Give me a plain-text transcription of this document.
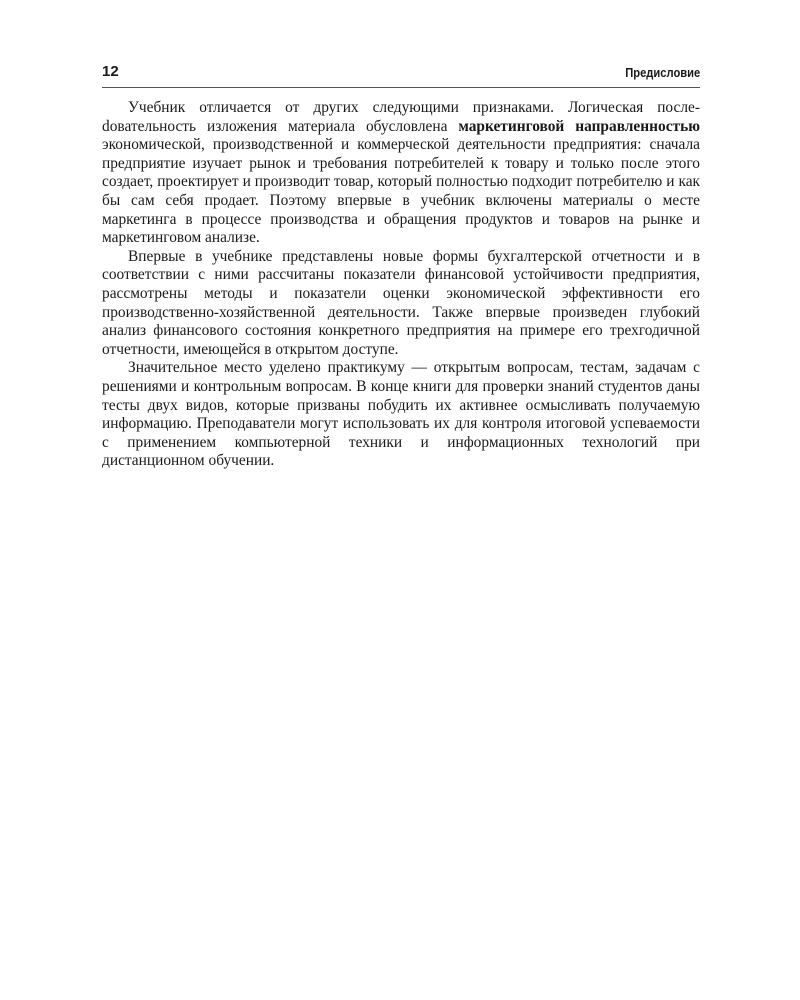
12	Предисловие

Учебник отличается от других следующими признаками. Логическая послеdовательность изложения материала обусловлена маркетинговой направленностью экономической, производственной и коммерческой деятельности предприятия: сначала предприятие изучает рынок и требования потребителей к товару и только после этого создает, проектирует и производит товар, который полностью подходит потребителю и как бы сам себя продает. Поэтому впервые в учебник включены материалы о месте маркетинга в процессе производства и обращения продуктов и товаров на рынке и маркетинговом анализе.

Впервые в учебнике представлены новые формы бухгалтерской отчетности и в соответствии с ними рассчитаны показатели финансовой устойчивости предприятия, рассмотрены методы и показатели оценки экономической эффективности его производственно-хозяйственной деятельности. Также впервые произведен глубокий анализ финансового состояния конкретного предприятия на примере его трехгодичной отчетности, имеющейся в открытом доступе.

Значительное место уделено практикуму — открытым вопросам, тестам, задачам с решениями и контрольным вопросам. В конце книги для проверки знаний студентов даны тесты двух видов, которые призваны побудить их активнее осмысливать получаемую информацию. Преподаватели могут использовать их для контроля итоговой успеваемости с применением компьютерной техники и информационных технологий при дистанционном обучении.
